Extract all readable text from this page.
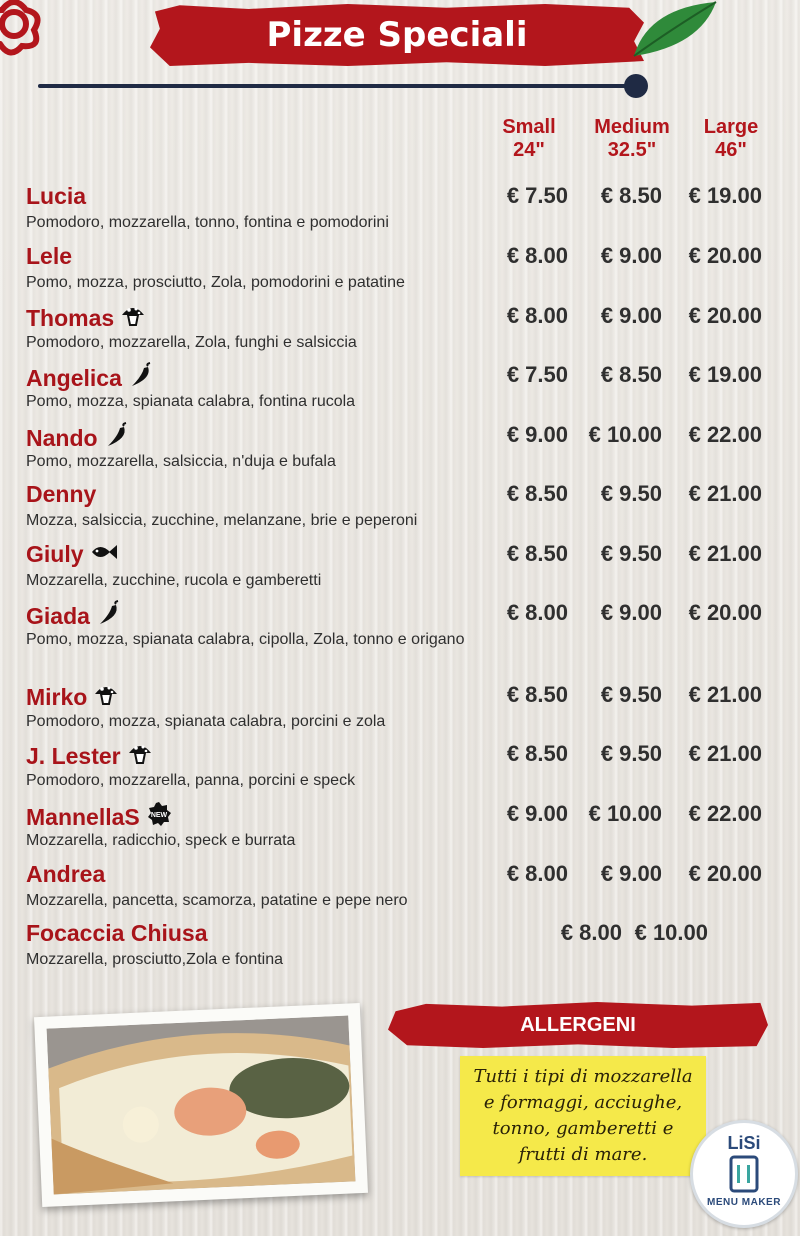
Pizze Speciali
Small
24"
Medium
32.5"
Large
46"
Lucia
Pomodoro, mozzarella, tonno, fontina e pomodorini
€ 7.50	€ 8.50	€ 19.00
Lele
Pomo, mozza, prosciutto, Zola, pomodorini e patatine
€ 8.00	€ 9.00	€ 20.00
Thomas
Pomodoro, mozzarella, Zola, funghi e salsiccia
€ 8.00	€ 9.00	€ 20.00
Angelica
Pomo, mozza, spianata calabra, fontina rucola
€ 7.50	€ 8.50	€ 19.00
Nando
Pomo, mozzarella, salsiccia, n'duja e bufala
€ 9.00 € 10.00	€ 22.00
Denny
Mozza, salsiccia, zucchine, melanzane, brie e peperoni
€ 8.50	€ 9.50	€ 21.00
Giuly
Mozzarella, zucchine, rucola e gamberetti
€ 8.50	€ 9.50	€ 21.00
Giada
Pomo, mozza, spianata calabra, cipolla, Zola, tonno e origano
€ 8.00	€ 9.00	€ 20.00
Mirko
Pomodoro, mozza, spianata calabra, porcini e zola
€ 8.50	€ 9.50	€ 21.00
J. Lester
Pomodoro, mozzarella, panna, porcini e speck
€ 8.50	€ 9.50	€ 21.00
MannellaS NEW
Mozzarella, radicchio, speck e burrata
€ 9.00 € 10.00	€ 22.00
Andrea
Mozzarella, pancetta, scamorza, patatine e pepe nero
€ 8.00	€ 9.00	€ 20.00
Focaccia Chiusa
Mozzarella, prosciutto,Zola e fontina
€ 8.00 € 10.00
ALLERGENI
Tutti i tipi di mozzarella e formaggi, acciughe, tonno, gamberetti e frutti di mare.
LiSi
MENU MAKER
